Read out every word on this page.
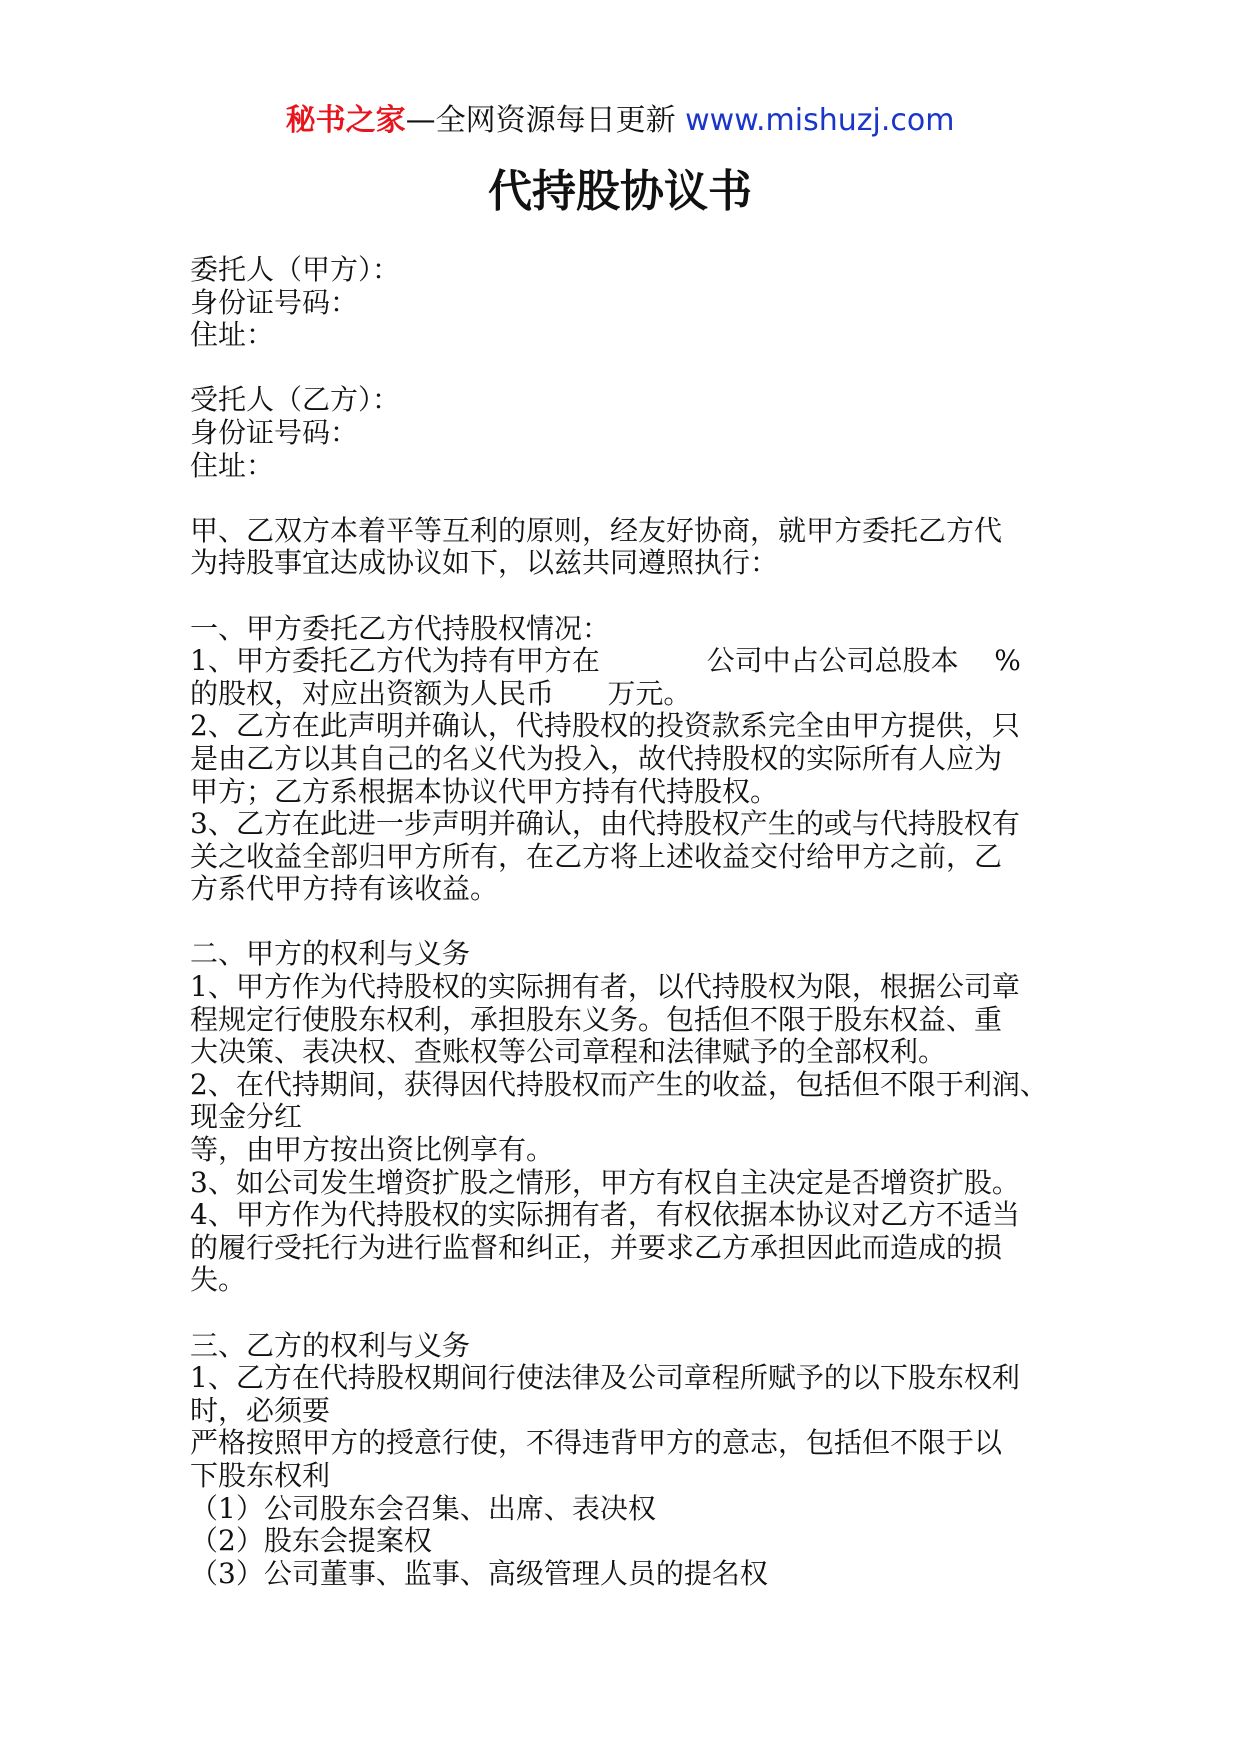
秘书之家—全网资源每日更新 www.mishuzj.com
代持股协议书
委托人（甲方）：
身份证号码：
住址：
受托人（乙方）：
身份证号码：
住址：
甲、乙双方本着平等互利的原则，经友好协商，就甲方委托乙方代
为持股事宜达成协议如下，以兹共同遵照执行：
一、甲方委托乙方代持股权情况：
1、甲方委托乙方代为持有甲方在            公司中占公司总股本    %
的股权，对应出资额为人民币      万元。
2、乙方在此声明并确认，代持股权的投资款系完全由甲方提供，只
是由乙方以其自己的名义代为投入，故代持股权的实际所有人应为
甲方；乙方系根据本协议代甲方持有代持股权。
3、乙方在此进一步声明并确认，由代持股权产生的或与代持股权有
关之收益全部归甲方所有，在乙方将上述收益交付给甲方之前，乙
方系代甲方持有该收益。
二、甲方的权利与义务
1、甲方作为代持股权的实际拥有者，以代持股权为限，根据公司章
程规定行使股东权利，承担股东义务。包括但不限于股东权益、重
大决策、表决权、查账权等公司章程和法律赋予的全部权利。
2、在代持期间，获得因代持股权而产生的收益，包括但不限于利润、
现金分红
等，由甲方按出资比例享有。
3、如公司发生增资扩股之情形，甲方有权自主决定是否增资扩股。
4、甲方作为代持股权的实际拥有者，有权依据本协议对乙方不适当
的履行受托行为进行监督和纠正，并要求乙方承担因此而造成的损
失。
三、乙方的权利与义务
1、乙方在代持股权期间行使法律及公司章程所赋予的以下股东权利
时，必须要
严格按照甲方的授意行使，不得违背甲方的意志，包括但不限于以
下股东权利
（1）公司股东会召集、出席、表决权
（2）股东会提案权
（3）公司董事、监事、高级管理人员的提名权
